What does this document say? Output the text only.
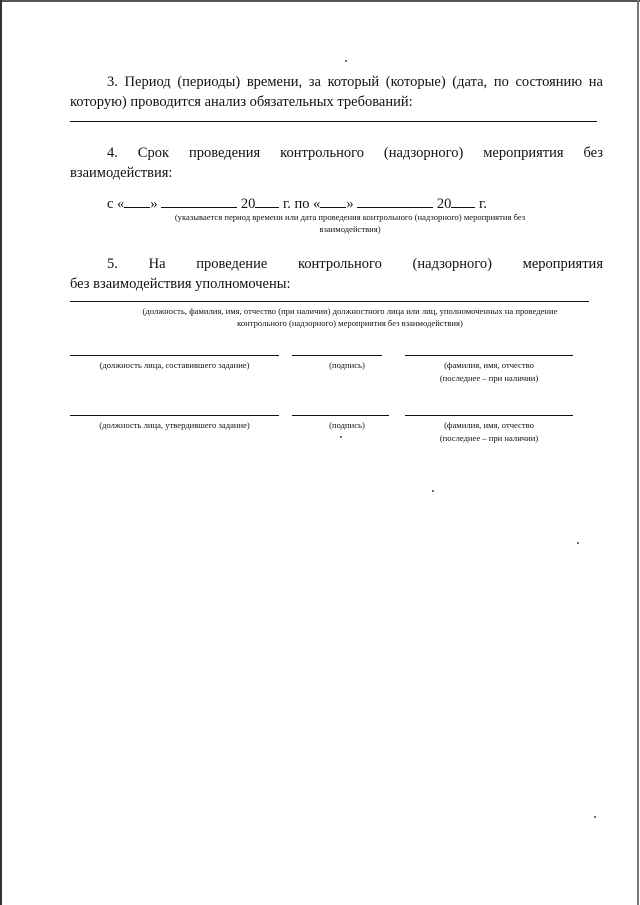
3. Период (периоды) времени, за который (которые) (дата, по состоянию на

которую) проводится анализ обязательных требований:

4. Срок проведения контрольного (надзорного) мероприятия без

взаимодействия:

с « »	20 г. по « »	20 г.

(указывается период времени или дата проведения контрольного (надзорного) мероприятия без

взаимодействия)

5. На проведение контрольного (надзорного) мероприятия

без взаимодействия уполномочены:

(должность, фамилия, имя, отчество (при наличии) должностного лица или лиц, уполномоченных на проведение

контрольного (надзорного) мероприятия без взаимодействия)

(должность лица, составившего задание)	(подпись)	(фамилия, имя, отчество

(последнее – при наличии)

(должность лица, утвердившего задание)	(подпись)	(фамилия, имя, отчество

(последнее – при наличии)
